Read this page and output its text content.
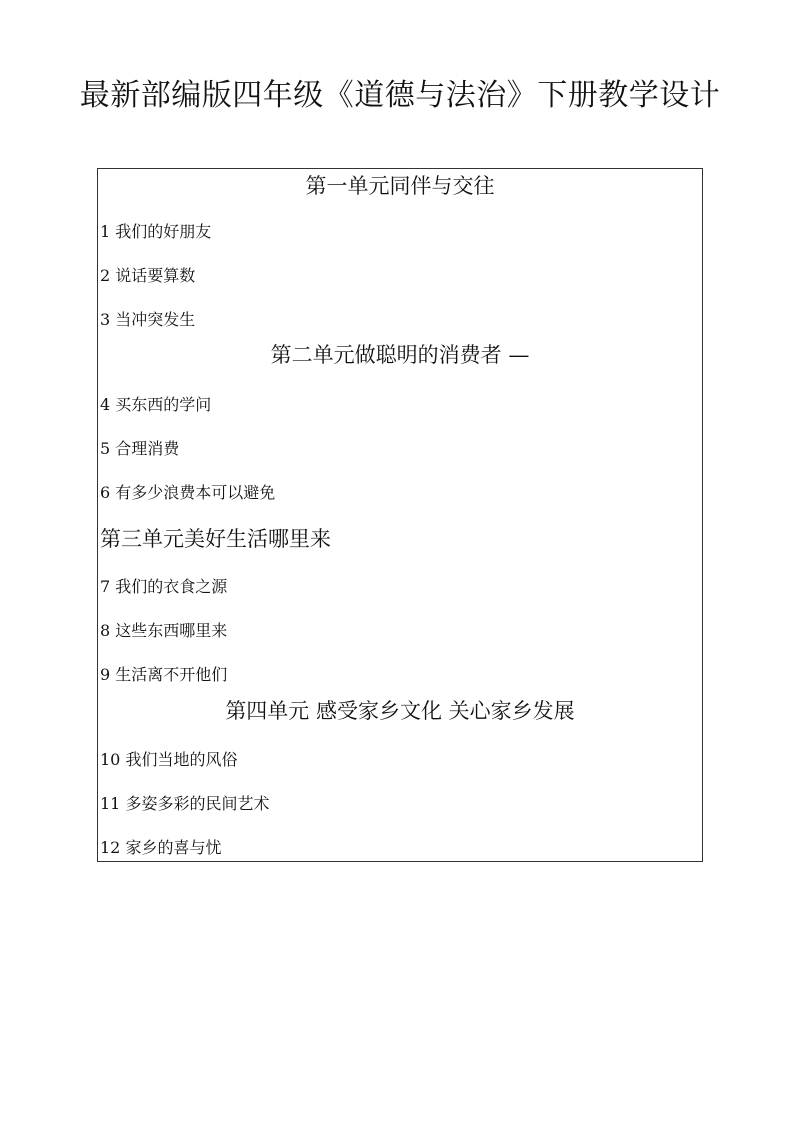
最新部编版四年级《道德与法治》下册教学设计
第一单元同伴与交往
1 我们的好朋友
2 说话要算数
3 当冲突发生
第二单元做聪明的消费者 —
4 买东西的学问
5 合理消费
6 有多少浪费本可以避免
第三单元美好生活哪里来
7 我们的衣食之源
8 这些东西哪里来
9 生活离不开他们
第四单元 感受家乡文化 关心家乡发展
10 我们当地的风俗
11 多姿多彩的民间艺术
12 家乡的喜与忧
